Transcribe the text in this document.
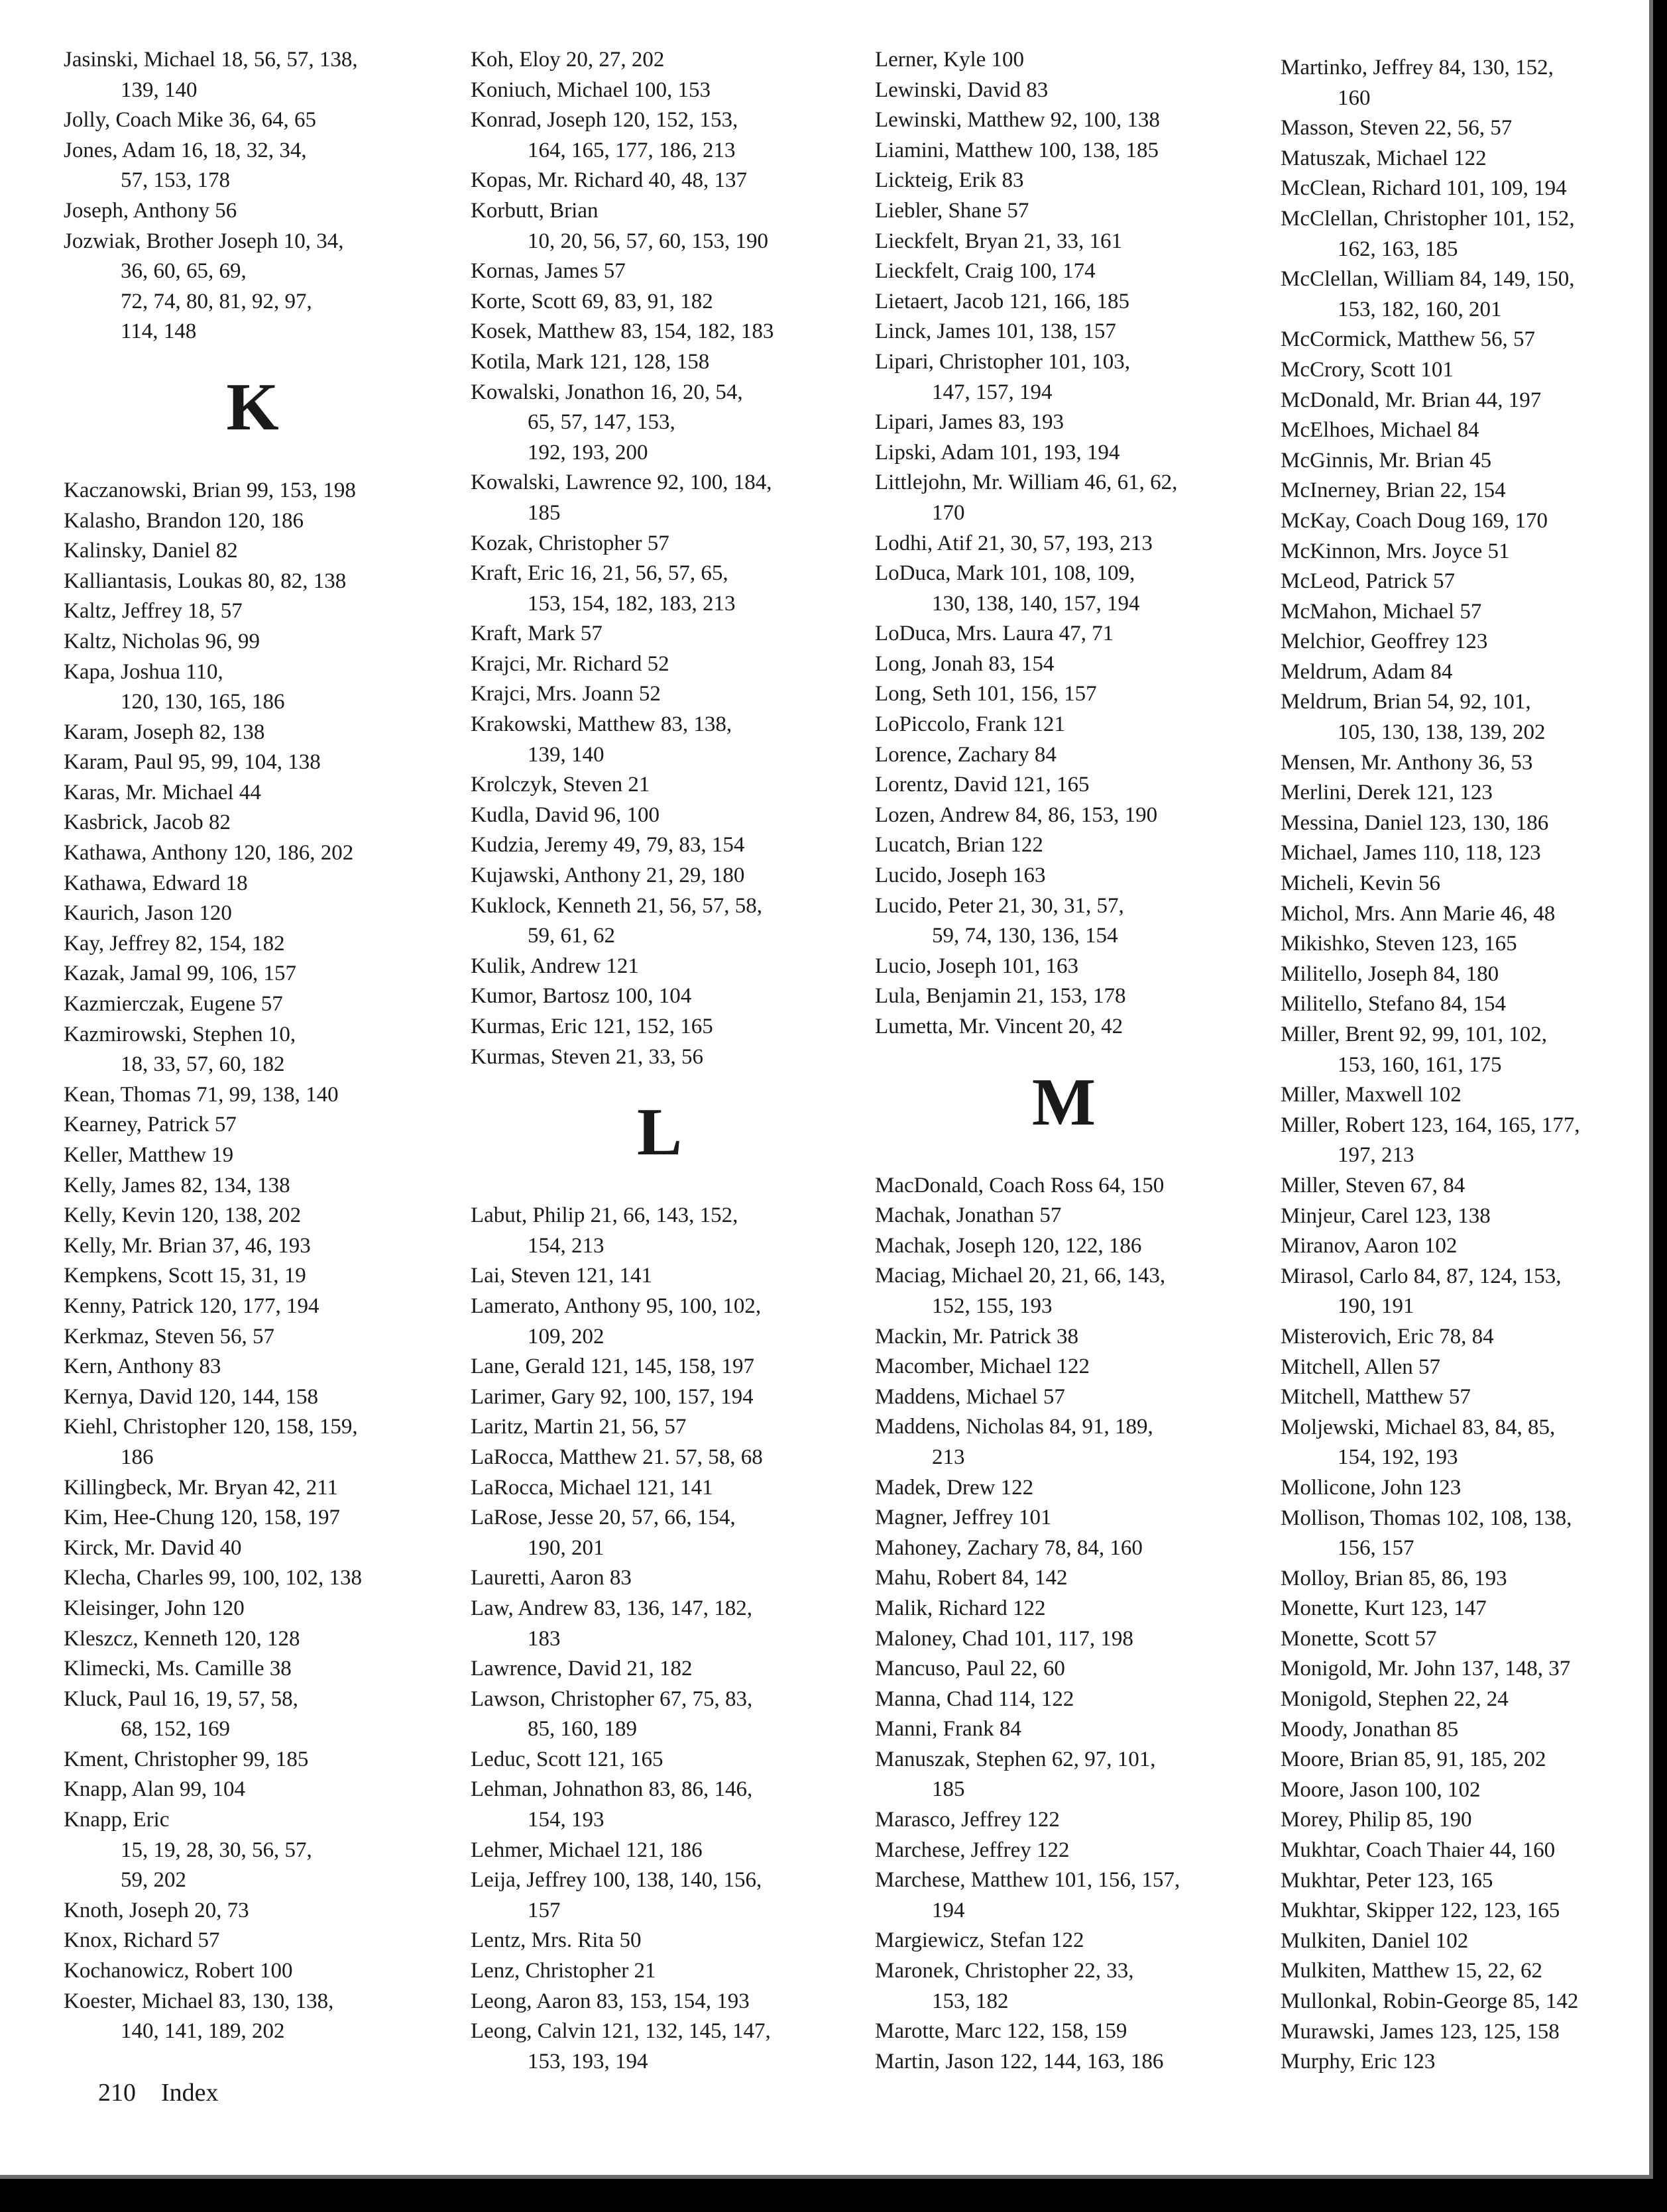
Jasinski, Michael 18, 56, 57, 138,
139, 140
Jolly, Coach Mike 36, 64, 65
Jones, Adam 16, 18, 32, 34,
57, 153, 178
Joseph, Anthony 56
Jozwiak, Brother Joseph 10, 34,
36, 60, 65, 69,
72, 74, 80, 81, 92, 97,
114, 148
K
Kaczanowski, Brian 99, 153, 198
Kalasho, Brandon 120, 186
Kalinsky, Daniel 82
Kalliantasis, Loukas 80, 82, 138
Kaltz, Jeffrey 18, 57
Kaltz, Nicholas 96, 99
Kapa, Joshua 110,
120, 130, 165, 186
Karam, Joseph 82, 138
Karam, Paul 95, 99, 104, 138
Karas, Mr. Michael 44
Kasbrick, Jacob 82
Kathawa, Anthony 120, 186, 202
Kathawa, Edward 18
Kaurich, Jason 120
Kay, Jeffrey 82, 154, 182
Kazak, Jamal 99, 106, 157
Kazmierczak, Eugene 57
Kazmirowski, Stephen 10,
18, 33, 57, 60, 182
Kean, Thomas 71, 99, 138, 140
Kearney, Patrick 57
Keller, Matthew 19
Kelly, James 82, 134, 138
Kelly, Kevin 120, 138, 202
Kelly, Mr. Brian 37, 46, 193
Kempkens, Scott 15, 31, 19
Kenny, Patrick 120, 177, 194
Kerkmaz, Steven 56, 57
Kern, Anthony 83
Kernya, David 120, 144, 158
Kiehl, Christopher 120, 158, 159,
186
Killingbeck, Mr. Bryan 42, 211
Kim, Hee-Chung 120, 158, 197
Kirck, Mr. David 40
Klecha, Charles 99, 100, 102, 138
Kleisinger, John 120
Kleszcz, Kenneth 120, 128
Klimecki, Ms. Camille 38
Kluck, Paul 16, 19, 57, 58,
68, 152, 169
Kment, Christopher 99, 185
Knapp, Alan 99, 104
Knapp, Eric
15, 19, 28, 30, 56, 57,
59, 202
Knoth, Joseph 20, 73
Knox, Richard 57
Kochanowicz, Robert 100
Koester, Michael 83, 130, 138,
140, 141, 189, 202
Koh, Eloy 20, 27, 202
Koniuch, Michael 100, 153
Konrad, Joseph 120, 152, 153,
164, 165, 177, 186, 213
Kopas, Mr. Richard 40, 48, 137
Korbutt, Brian
10, 20, 56, 57, 60, 153, 190
Kornas, James 57
Korte, Scott 69, 83, 91, 182
Kosek, Matthew 83, 154, 182, 183
Kotila, Mark 121, 128, 158
Kowalski, Jonathon 16, 20, 54,
65, 57, 147, 153,
192, 193, 200
Kowalski, Lawrence 92, 100, 184,
185
Kozak, Christopher 57
Kraft, Eric 16, 21, 56, 57, 65,
153, 154, 182, 183, 213
Kraft, Mark 57
Krajci, Mr. Richard 52
Krajci, Mrs. Joann 52
Krakowski, Matthew 83, 138,
139, 140
Krolczyk, Steven 21
Kudla, David 96, 100
Kudzia, Jeremy 49, 79, 83, 154
Kujawski, Anthony 21, 29, 180
Kuklock, Kenneth 21, 56, 57, 58,
59, 61, 62
Kulik, Andrew 121
Kumor, Bartosz 100, 104
Kurmas, Eric 121, 152, 165
Kurmas, Steven 21, 33, 56
L
Labut, Philip 21, 66, 143, 152,
154, 213
Lai, Steven 121, 141
Lamerato, Anthony 95, 100, 102,
109, 202
Lane, Gerald 121, 145, 158, 197
Larimer, Gary 92, 100, 157, 194
Laritz, Martin 21, 56, 57
LaRocca, Matthew 21. 57, 58, 68
LaRocca, Michael 121, 141
LaRose, Jesse 20, 57, 66, 154,
190, 201
Lauretti, Aaron 83
Law, Andrew 83, 136, 147, 182,
183
Lawrence, David 21, 182
Lawson, Christopher 67, 75, 83,
85, 160, 189
Leduc, Scott 121, 165
Lehman, Johnathon 83, 86, 146,
154, 193
Lehmer, Michael 121, 186
Leija, Jeffrey 100, 138, 140, 156,
157
Lentz, Mrs. Rita 50
Lenz, Christopher 21
Leong, Aaron 83, 153, 154, 193
Leong, Calvin 121, 132, 145, 147,
153, 193, 194
Lerner, Kyle 100
Lewinski, David 83
Lewinski, Matthew 92, 100, 138
Liamini, Matthew 100, 138, 185
Lickteig, Erik 83
Liebler, Shane 57
Lieckfelt, Bryan 21, 33, 161
Lieckfelt, Craig 100, 174
Lietaert, Jacob 121, 166, 185
Linck, James 101, 138, 157
Lipari, Christopher 101, 103,
147, 157, 194
Lipari, James 83, 193
Lipski, Adam 101, 193, 194
Littlejohn, Mr. William 46, 61, 62,
170
Lodhi, Atif 21, 30, 57, 193, 213
LoDuca, Mark 101, 108, 109,
130, 138, 140, 157, 194
LoDuca, Mrs. Laura 47, 71
Long, Jonah 83, 154
Long, Seth 101, 156, 157
LoPiccolo, Frank 121
Lorence, Zachary 84
Lorentz, David 121, 165
Lozen, Andrew 84, 86, 153, 190
Lucatch, Brian 122
Lucido, Joseph 163
Lucido, Peter 21, 30, 31, 57,
59, 74, 130, 136, 154
Lucio, Joseph 101, 163
Lula, Benjamin 21, 153, 178
Lumetta, Mr. Vincent 20, 42
M
MacDonald, Coach Ross 64, 150
Machak, Jonathan 57
Machak, Joseph 120, 122, 186
Maciag, Michael 20, 21, 66, 143,
152, 155, 193
Mackin, Mr. Patrick 38
Macomber, Michael 122
Maddens, Michael 57
Maddens, Nicholas 84, 91, 189,
213
Madek, Drew 122
Magner, Jeffrey 101
Mahoney, Zachary 78, 84, 160
Mahu, Robert 84, 142
Malik, Richard 122
Maloney, Chad 101, 117, 198
Mancuso, Paul 22, 60
Manna, Chad 114, 122
Manni, Frank 84
Manuszak, Stephen 62, 97, 101,
185
Marasco, Jeffrey 122
Marchese, Jeffrey 122
Marchese, Matthew 101, 156, 157,
194
Margiewicz, Stefan 122
Maronek, Christopher 22, 33,
153, 182
Marotte, Marc 122, 158, 159
Martin, Jason 122, 144, 163, 186
Martinko, Jeffrey 84, 130, 152,
160
Masson, Steven 22, 56, 57
Matuszak, Michael 122
McClean, Richard 101, 109, 194
McClellan, Christopher 101, 152,
162, 163, 185
McClellan, William 84, 149, 150,
153, 182, 160, 201
McCormick, Matthew 56, 57
McCrory, Scott 101
McDonald, Mr. Brian 44, 197
McElhoes, Michael 84
McGinnis, Mr. Brian 45
McInerney, Brian 22, 154
McKay, Coach Doug 169, 170
McKinnon, Mrs. Joyce 51
McLeod, Patrick 57
McMahon, Michael 57
Melchior, Geoffrey 123
Meldrum, Adam 84
Meldrum, Brian 54, 92, 101,
105, 130, 138, 139, 202
Mensen, Mr. Anthony 36, 53
Merlini, Derek 121, 123
Messina, Daniel 123, 130, 186
Michael, James 110, 118, 123
Micheli, Kevin 56
Michol, Mrs. Ann Marie 46, 48
Mikishko, Steven 123, 165
Militello, Joseph 84, 180
Militello, Stefano 84, 154
Miller, Brent 92, 99, 101, 102,
153, 160, 161, 175
Miller, Maxwell 102
Miller, Robert 123, 164, 165, 177,
197, 213
Miller, Steven 67, 84
Minjeur, Carel 123, 138
Miranov, Aaron 102
Mirasol, Carlo 84, 87, 124, 153,
190, 191
Misterovich, Eric 78, 84
Mitchell, Allen 57
Mitchell, Matthew 57
Moljewski, Michael 83, 84, 85,
154, 192, 193
Mollicone, John 123
Mollison, Thomas 102, 108, 138,
156, 157
Molloy, Brian 85, 86, 193
Monette, Kurt 123, 147
Monette, Scott 57
Monigold, Mr. John 137, 148, 37
Monigold, Stephen 22, 24
Moody, Jonathan 85
Moore, Brian 85, 91, 185, 202
Moore, Jason 100, 102
Morey, Philip 85, 190
Mukhtar, Coach Thaier 44, 160
Mukhtar, Peter 123, 165
Mukhtar, Skipper 122, 123, 165
Mulkiten, Daniel 102
Mulkiten, Matthew 15, 22, 62
Mullonkal, Robin-George 85, 142
Murawski, James 123, 125, 158
Murphy, Eric 123
210 Index
